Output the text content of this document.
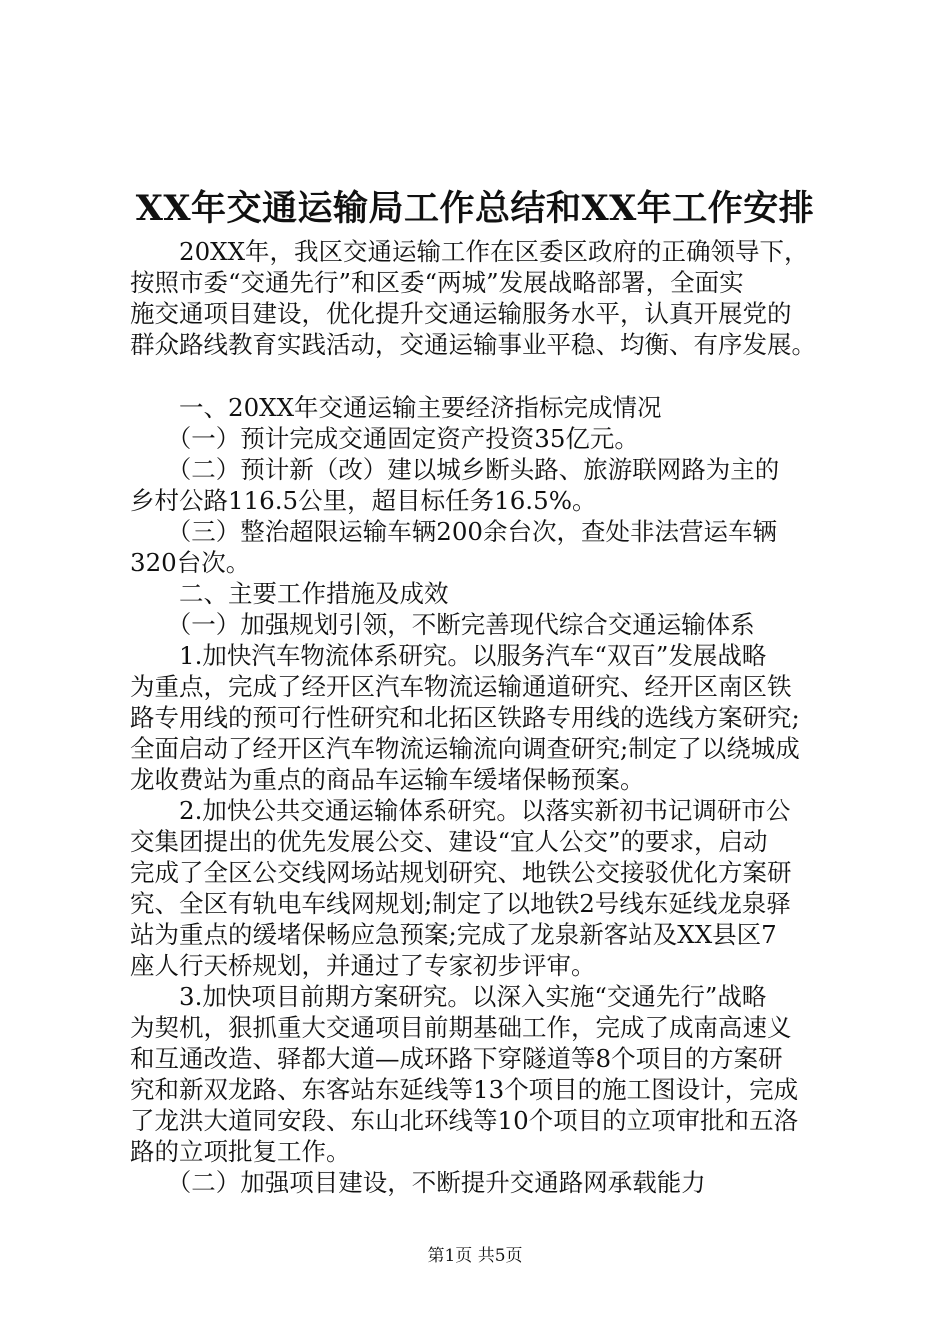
XX年交通运输局工作总结和XX年工作安排

　　20XX年，我区交通运输工作在区委区政府的正确领导下，

按照市委“交通先行”和区委“两城”发展战略部署，全面实

施交通项目建设，优化提升交通运输服务水平，认真开展党的

群众路线教育实践活动，交通运输事业平稳、均衡、有序发展。

　　一、20XX年交通运输主要经济指标完成情况

　　（一）预计完成交通固定资产投资35亿元。

　　（二）预计新（改）建以城乡断头路、旅游联网路为主的

乡村公路116.5公里，超目标任务16.5%。

　　（三）整治超限运输车辆200余台次，查处非法营运车辆

320台次。

　　二、主要工作措施及成效

　　（一）加强规划引领，不断完善现代综合交通运输体系

　　1.加快汽车物流体系研究。以服务汽车“双百”发展战略

为重点，完成了经开区汽车物流运输通道研究、经开区南区铁

路专用线的预可行性研究和北拓区铁路专用线的选线方案研究;

全面启动了经开区汽车物流运输流向调查研究;制定了以绕城成

龙收费站为重点的商品车运输车缓堵保畅预案。

　　2.加快公共交通运输体系研究。以落实新初书记调研市公

交集团提出的优先发展公交、建设“宜人公交”的要求，启动

完成了全区公交线网场站规划研究、地铁公交接驳优化方案研

究、全区有轨电车线网规划;制定了以地铁2号线东延线龙泉驿

站为重点的缓堵保畅应急预案;完成了龙泉新客站及XX县区7

座人行天桥规划，并通过了专家初步评审。

　　3.加快项目前期方案研究。以深入实施“交通先行”战略

为契机，狠抓重大交通项目前期基础工作，完成了成南高速义

和互通改造、驿都大道—成环路下穿隧道等8个项目的方案研

究和新双龙路、东客站东延线等13个项目的施工图设计，完成

了龙洪大道同安段、东山北环线等10个项目的立项审批和五洛

路的立项批复工作。

　　（二）加强项目建设，不断提升交通路网承载能力

第1页 共5页
